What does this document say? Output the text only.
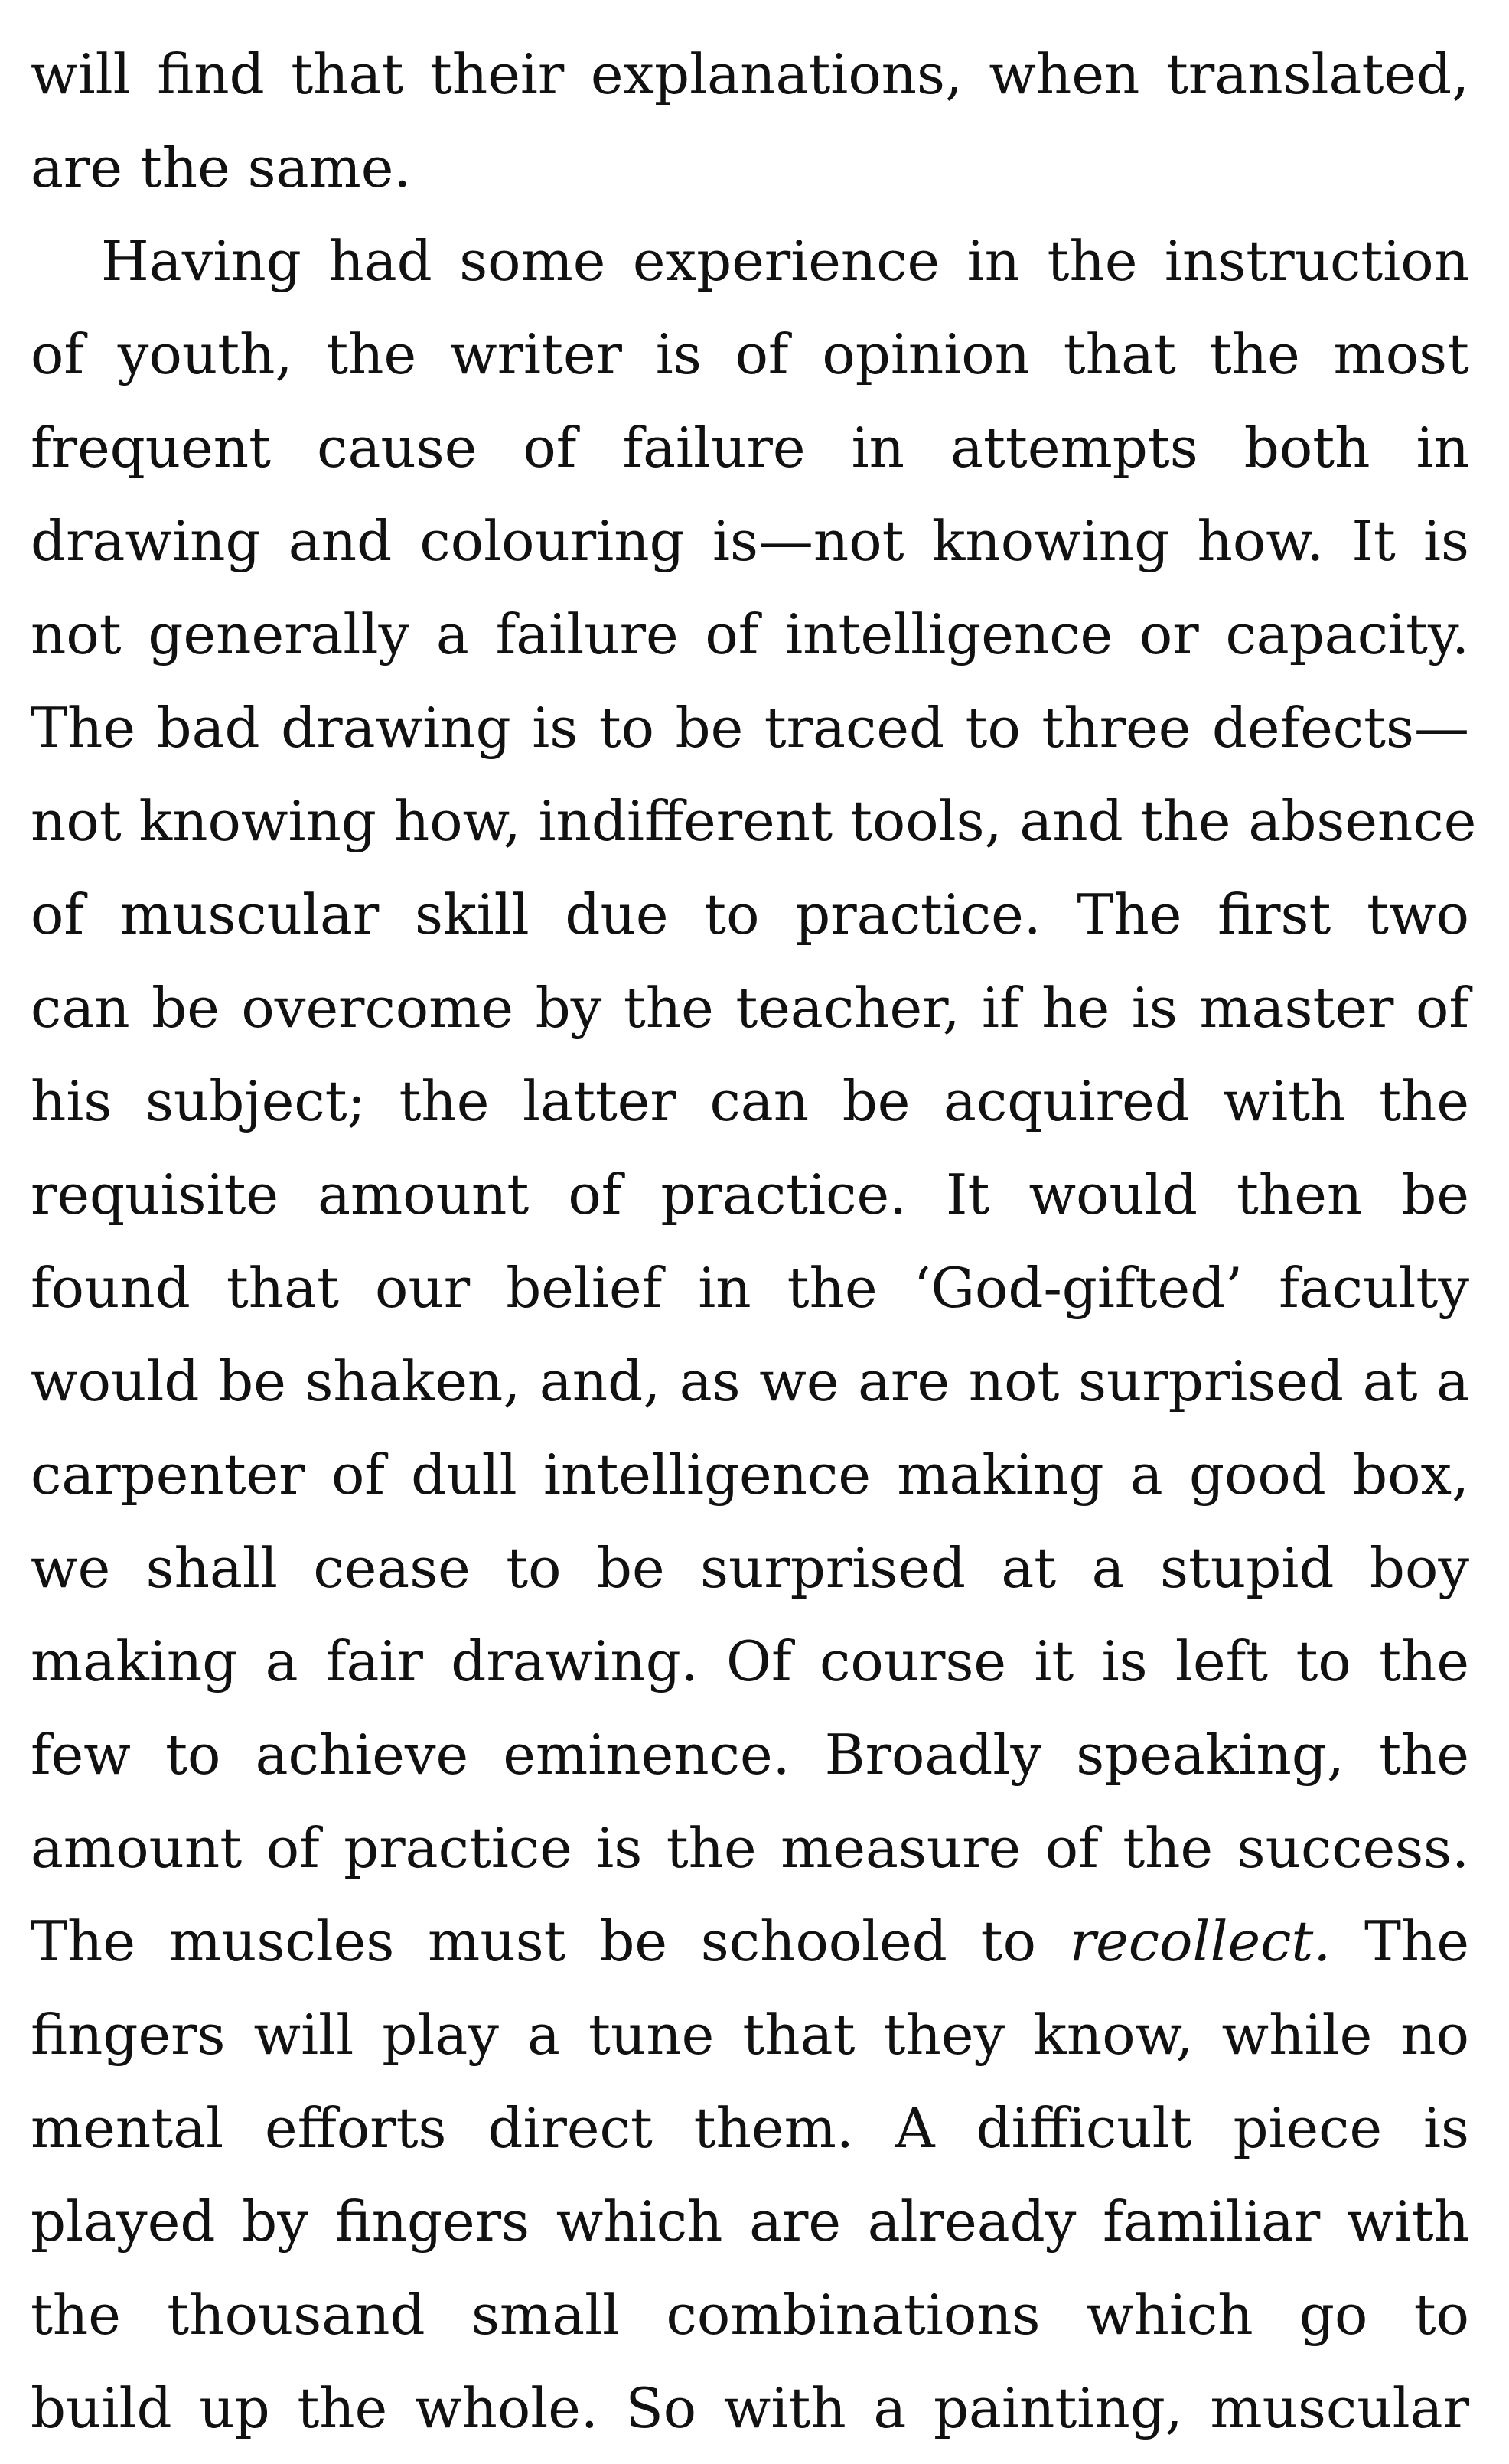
will find that their explanations, when translated,
are the same.
Having had some experience in the instruction
of youth, the writer is of opinion that the most
frequent cause of failure in attempts both in
drawing and colouring is—not knowing how. It is
not generally a failure of intelligence or capacity.
The bad drawing is to be traced to three defects—
not knowing how, indifferent tools, and the absence
of muscular skill due to practice. The first two
can be overcome by the teacher, if he is master of
his subject; the latter can be acquired with the
requisite amount of practice. It would then be
found that our belief in the ‘God-gifted’ faculty
would be shaken, and, as we are not surprised at a
carpenter of dull intelligence making a good box,
we shall cease to be surprised at a stupid boy
making a fair drawing. Of course it is left to the
few to achieve eminence. Broadly speaking, the
amount of practice is the measure of the success.
The muscles must be schooled to recollect. The
fingers will play a tune that they know, while no
mental efforts direct them. A difficult piece is
played by fingers which are already familiar with
the thousand small combinations which go to
build up the whole. So with a painting, muscular
